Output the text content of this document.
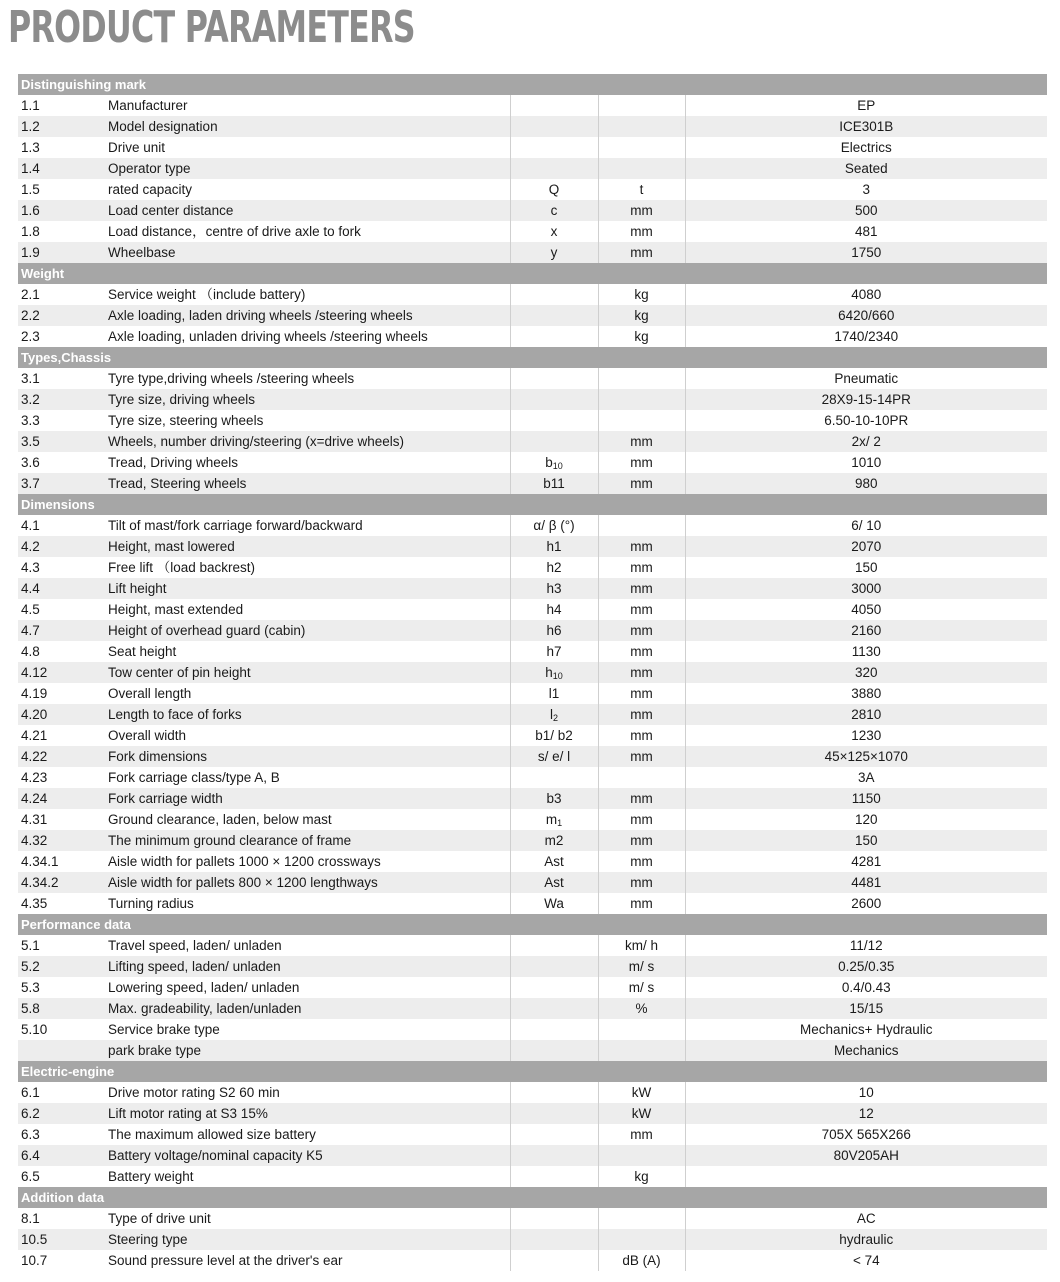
PRODUCT PARAMETERS
Distinguishing mark				
1.1	Manufacturer			EP
1.2	Model designation			ICE301B
1.3	Drive unit			Electrics
1.4	Operator type			Seated
1.5	rated capacity	Q	t	3
1.6	Load center distance	c	mm	500
1.8	Load distance，centre of drive axle to fork	x	mm	481
1.9	Wheelbase	y	mm	1750
Weight				
2.1	Service weight （include battery)		kg	4080
2.2	Axle loading, laden driving wheels /steering wheels		kg	6420/660
2.3	Axle loading, unladen driving wheels /steering wheels		kg	1740/2340
Types,Chassis				
3.1	Tyre type,driving wheels /steering wheels			Pneumatic
3.2	Tyre size, driving wheels			28X9-15-14PR
3.3	Tyre size, steering wheels			6.50-10-10PR
3.5	Wheels, number driving/steering (x=drive wheels)		mm	2x/ 2
3.6	Tread, Driving wheels	$b_{10}$	mm	1010
3.7	Tread, Steering wheels	b11	mm	980
Dimensions				
4.1	Tilt of mast/fork carriage forward/backward	α/ β (°)		6/ 10
4.2	Height, mast lowered	h1	mm	2070
4.3	Free lift （load backrest)	h2	mm	150
4.4	Lift height	h3	mm	3000
4.5	Height, mast extended	h4	mm	4050
4.7	Height of overhead guard (cabin)	h6	mm	2160
4.8	Seat height	h7	mm	1130
4.12	Tow center of pin height	$h_{10}$	mm	320
4.19	Overall length	l1	mm	3880
4.20	Length to face of forks	$l_2$	mm	2810
4.21	Overall width	b1/ b2	mm	1230
4.22	Fork dimensions	s/ e/ l	mm	45×125×1070
4.23	Fork carriage class/type A, B			3A
4.24	Fork carriage width	b3	mm	1150
4.31	Ground clearance, laden, below mast	$m_1$	mm	120
4.32	The minimum ground clearance of frame	m2	mm	150
4.34.1	Aisle width for pallets 1000 × 1200 crossways	Ast	mm	4281
4.34.2	Aisle width for pallets 800 × 1200 lengthways	Ast	mm	4481
4.35	Turning radius	Wa	mm	2600
Performance data				
5.1	Travel speed, laden/ unladen		km/ h	11/12
5.2	Lifting speed, laden/ unladen		m/ s	0.25/0.35
5.3	Lowering speed, laden/ unladen		m/ s	0.4/0.43
5.8	Max. gradeability, laden/unladen		%	15/15
5.10	Service brake type			Mechanics+ Hydraulic
	park brake type			Mechanics
Electric-engine				
6.1	Drive motor rating S2 60 min		kW	10
6.2	Lift motor rating at S3 15%		kW	12
6.3	The maximum allowed size battery		mm	705X 565X266
6.4	Battery voltage/nominal capacity K5			80V205AH
6.5	Battery weight		kg	
Addition data				
8.1	Type of drive unit			AC
10.5	Steering type			hydraulic
10.7	Sound pressure level at the driver's ear		dB (A)	< 74
